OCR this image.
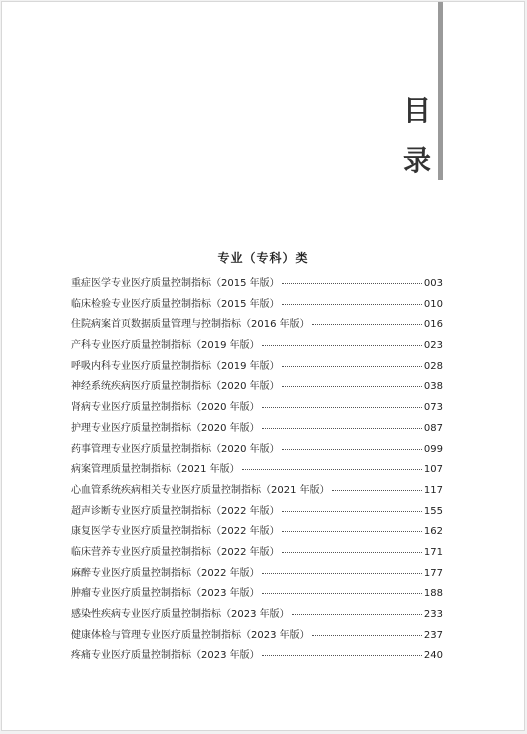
目
录
专业（专科）类
重症医学专业医疗质量控制指标（2015 年版）	003
临床检验专业医疗质量控制指标（2015 年版）	010
住院病案首页数据质量管理与控制指标（2016 年版）	016
产科专业医疗质量控制指标（2019 年版）	023
呼吸内科专业医疗质量控制指标（2019 年版）	028
神经系统疾病医疗质量控制指标（2020 年版）	038
肾病专业医疗质量控制指标（2020 年版）	073
护理专业医疗质量控制指标（2020 年版）	087
药事管理专业医疗质量控制指标（2020 年版）	099
病案管理质量控制指标（2021 年版）	107
心血管系统疾病相关专业医疗质量控制指标（2021 年版）	117
超声诊断专业医疗质量控制指标（2022 年版）	155
康复医学专业医疗质量控制指标（2022 年版）	162
临床营养专业医疗质量控制指标（2022 年版）	171
麻醉专业医疗质量控制指标（2022 年版）	177
肿瘤专业医疗质量控制指标（2023 年版）	188
感染性疾病专业医疗质量控制指标（2023 年版）	233
健康体检与管理专业医疗质量控制指标（2023 年版）	237
疼痛专业医疗质量控制指标（2023 年版）	240
